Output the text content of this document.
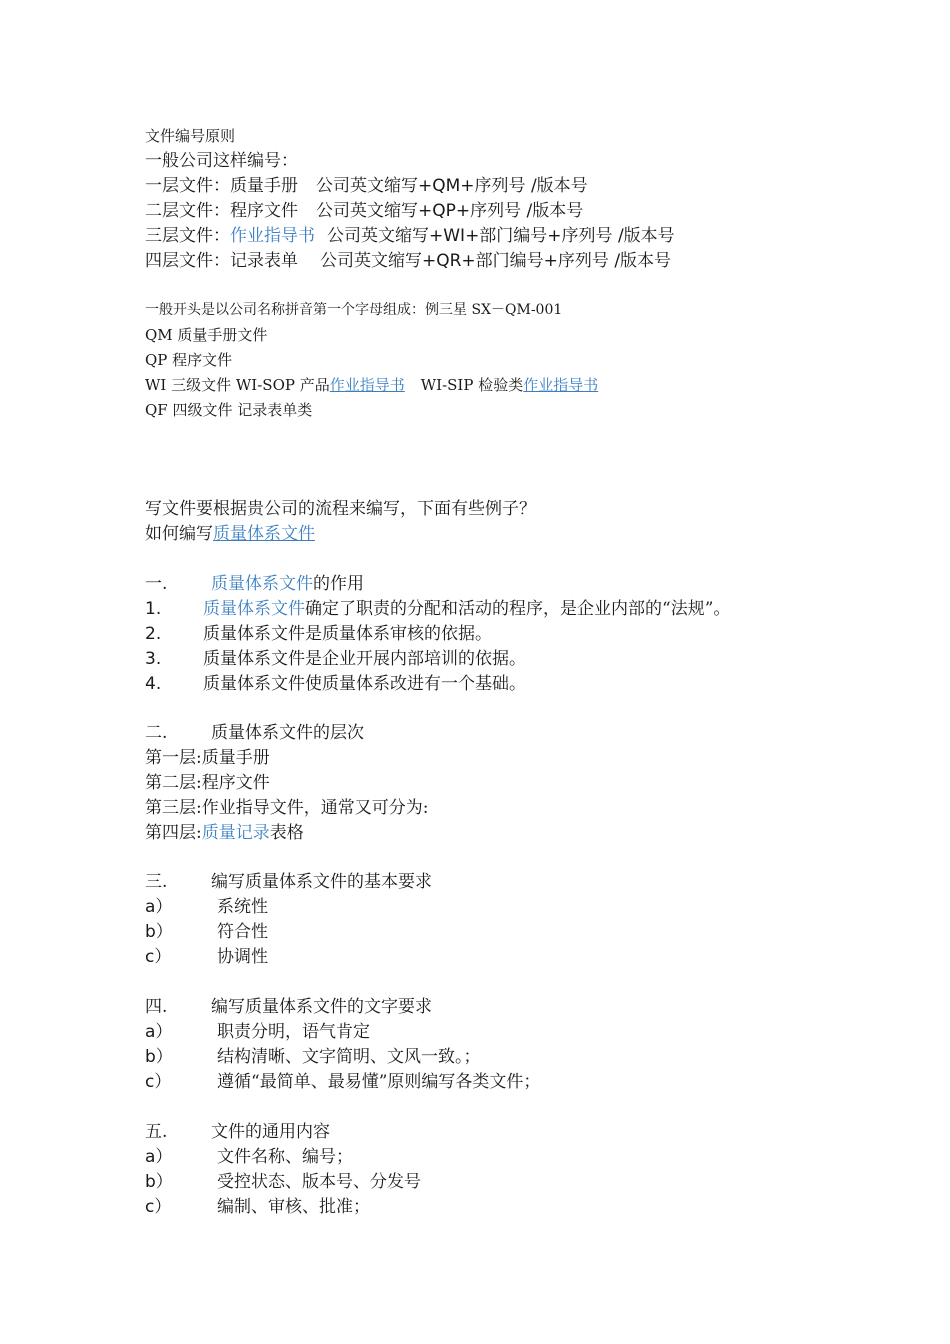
文件编号原则
一般公司这样编号：
一层文件：质量手册 公司英文缩写+QM+序列号 /版本号
二层文件：程序文件 公司英文缩写+QP+序列号 /版本号
三层文件：作业指导书 公司英文缩写+WI+部门编号+序列号 /版本号
四层文件：记录表单 公司英文缩写+QR+部门编号+序列号 /版本号
一般开头是以公司名称拼音第一个字母组成：例三星 SX－QM-001
QM 质量手册文件
QP 程序文件
WI 三级文件 WI-SOP 产品作业指导书 WI-SIP 检验类作业指导书
QF 四级文件 记录表单类
写文件要根据贵公司的流程来编写，下面有些例子？
如何编写质量体系文件
一.	质量体系文件的作用
1. 质量体系文件确定了职责的分配和活动的程序，是企业内部的“法规”。
2. 质量体系文件是质量体系审核的依据。
3. 质量体系文件是企业开展内部培训的依据。
4. 质量体系文件使质量体系改进有一个基础。
二.	质量体系文件的层次
第一层:质量手册
第二层:程序文件
第三层:作业指导文件，通常又可分为:
第四层:质量记录表格
三.	编写质量体系文件的基本要求
a）	系统性
b）	符合性
c）	协调性
四.	编写质量体系文件的文字要求
a）	职责分明，语气肯定
b）	结构清晰、文字简明、文风一致。；
c）	遵循“最简单、最易懂”原则编写各类文件；
五.	文件的通用内容
a）	文件名称、编号；
b）	受控状态、版本号、分发号
c）	编制、审核、批准；
